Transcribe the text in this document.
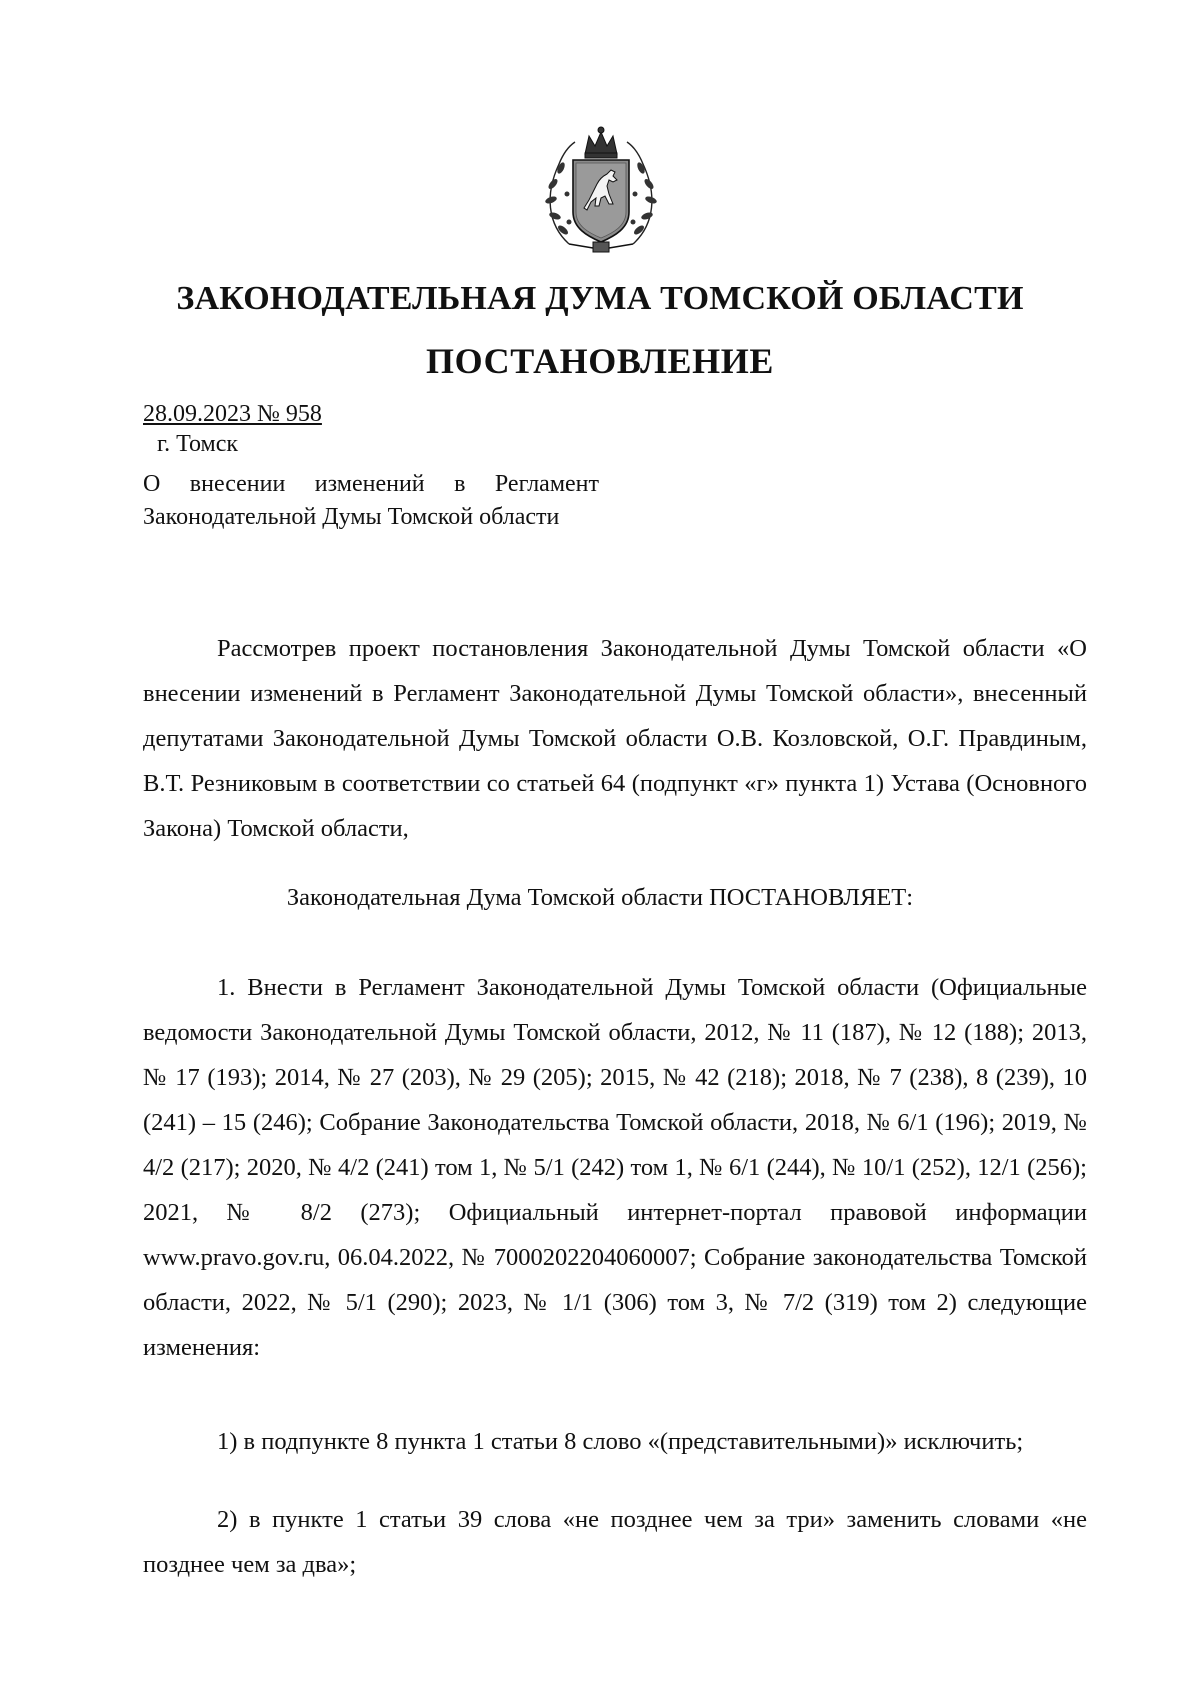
ЗАКОНОДАТЕЛЬНАЯ ДУМА ТОМСКОЙ ОБЛАСТИ
ПОСТАНОВЛЕНИЕ
28.09.2023 № 958
г. Томск
О внесении изменений в Регламент Законодательной Думы Томской области

Рассмотрев проект постановления Законодательной Думы Томской области «О внесении изменений в Регламент Законодательной Думы Томской области», внесенный депутатами Законодательной Думы Томской области О.В. Козловской, О.Г. Правдиным, В.Т. Резниковым в соответствии со статьей 64 (подпункт «г» пункта 1) Устава (Основного Закона) Томской области,

Законодательная Дума Томской области ПОСТАНОВЛЯЕТ:

1. Внести в Регламент Законодательной Думы Томской области (Официальные ведомости Законодательной Думы Томской области, 2012, № 11 (187), № 12 (188); 2013, № 17 (193); 2014, № 27 (203), № 29 (205); 2015, № 42 (218); 2018, № 7 (238), 8 (239), 10 (241) – 15 (246); Собрание Законодательства Томской области, 2018, № 6/1 (196); 2019, № 4/2 (217); 2020, № 4/2 (241) том 1, № 5/1 (242) том 1, № 6/1 (244), № 10/1 (252), 12/1 (256); 2021, № 8/2 (273); Официальный интернет-портал правовой информации www.pravo.gov.ru, 06.04.2022, № 7000202204060007; Собрание законодательства Томской области, 2022, № 5/1 (290); 2023, № 1/1 (306) том 3, № 7/2 (319) том 2) следующие изменения:

1) в подпункте 8 пункта 1 статьи 8 слово «(представительными)» исключить;

2) в пункте 1 статьи 39 слова «не позднее чем за три» заменить словами «не позднее чем за два»;
